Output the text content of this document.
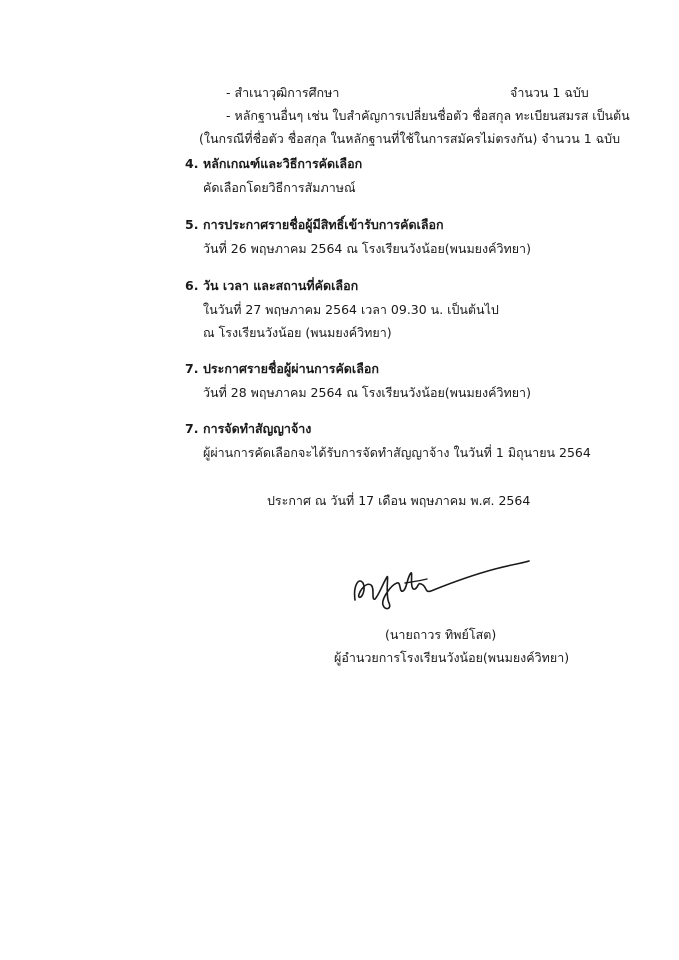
- สำเนาวุฒิการศึกษา	จำนวน 1 ฉบับ
- หลักฐานอื่นๆ เช่น ใบสำคัญการเปลี่ยนชื่อตัว ชื่อสกุล ทะเบียนสมรส เป็นต้น
(ในกรณีที่ชื่อตัว ชื่อสกุล ในหลักฐานที่ใช้ในการสมัครไม่ตรงกัน) จำนวน 1 ฉบับ
4. หลักเกณฑ์และวิธีการคัดเลือก
คัดเลือกโดยวิธีการสัมภาษณ์
5. การประกาศรายชื่อผู้มีสิทธิ์เข้ารับการคัดเลือก
วันที่ 26 พฤษภาคม 2564 ณ โรงเรียนวังน้อย(พนมยงค์วิทยา)
6. วัน เวลา และสถานที่คัดเลือก
ในวันที่ 27 พฤษภาคม 2564 เวลา 09.30 น. เป็นต้นไป
ณ โรงเรียนวังน้อย (พนมยงค์วิทยา)
7. ประกาศรายชื่อผู้ผ่านการคัดเลือก
วันที่ 28 พฤษภาคม 2564 ณ โรงเรียนวังน้อย(พนมยงค์วิทยา)
7. การจัดทำสัญญาจ้าง
ผู้ผ่านการคัดเลือกจะได้รับการจัดทำสัญญาจ้าง ในวันที่ 1 มิถุนายน 2564
ประกาศ ณ วันที่ 17 เดือน พฤษภาคม พ.ศ. 2564
(นายถาวร ทิพย์โสต)
ผู้อำนวยการโรงเรียนวังน้อย(พนมยงค์วิทยา)
